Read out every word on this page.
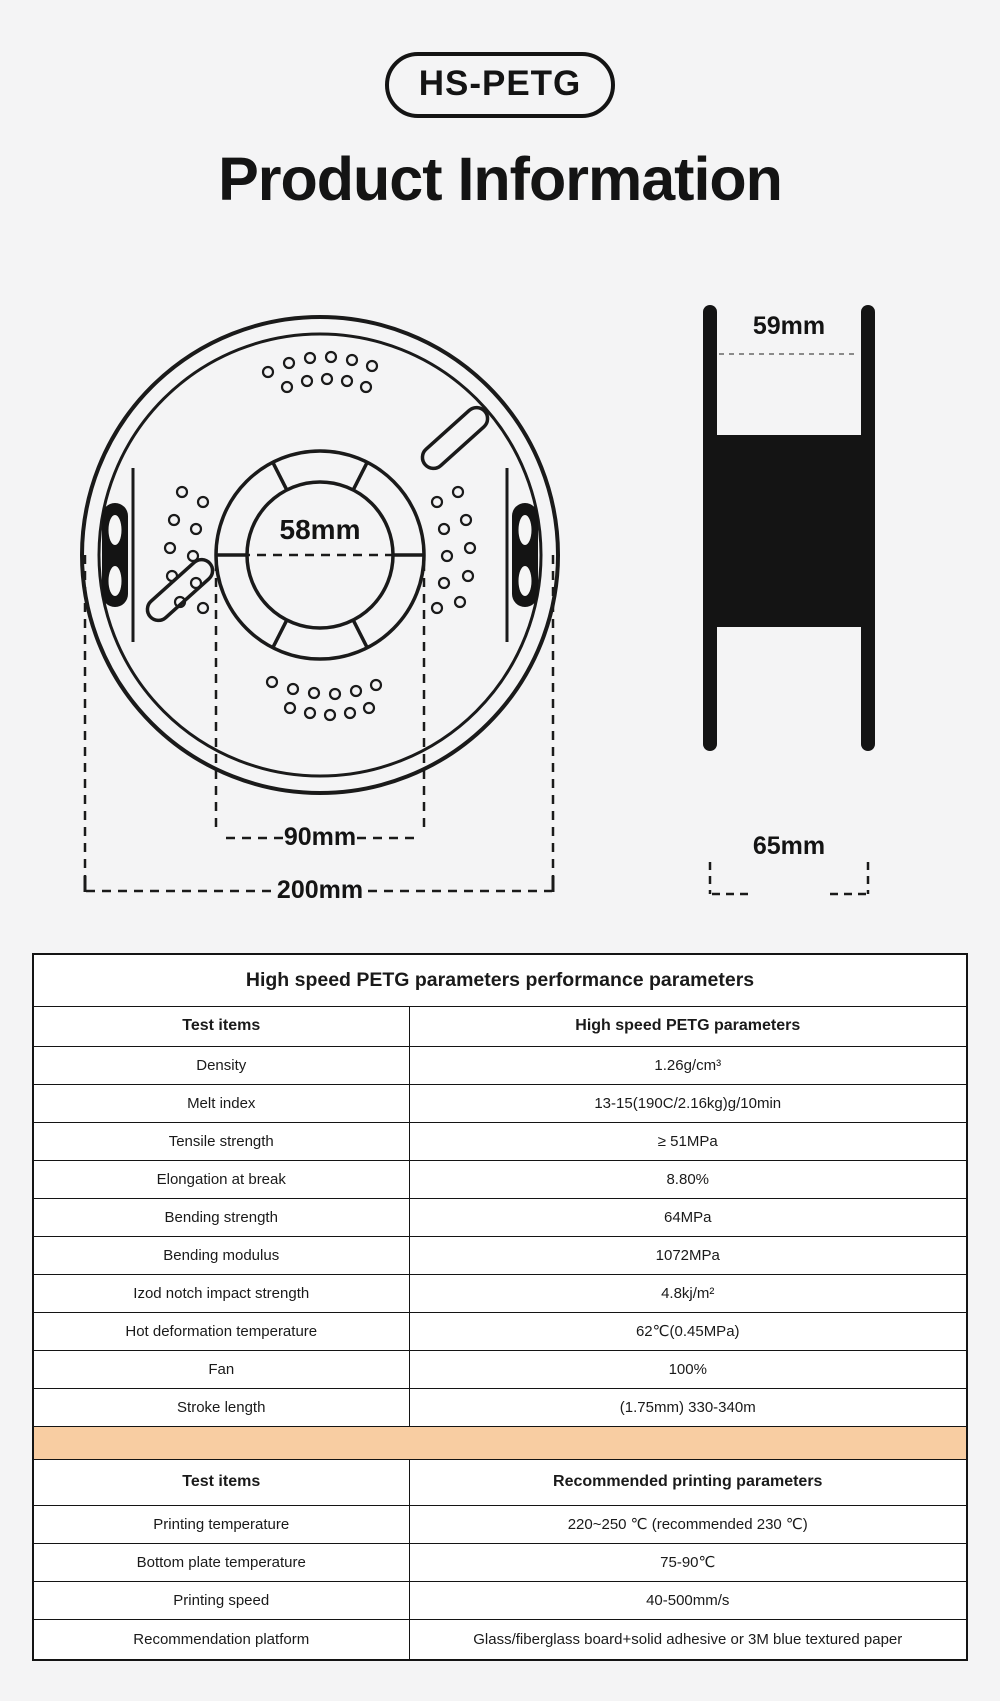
HS-PETG
Product Information
58mm
90mm
200mm
59mm
65mm
High speed PETG parameters performance parameters	
Test items	High speed PETG parameters
Density	1.26g/cm³
Melt index	13-15(190C/2.16kg)g/10min
Tensile strength	≥ 51MPa
Elongation at break	8.80%
Bending strength	64MPa
Bending modulus	1072MPa
Izod notch impact strength	4.8kj/m²
Hot deformation temperature	62℃(0.45MPa)
Fan	100%
Stroke length	(1.75mm) 330-340m

Test items	Recommended printing parameters
Printing temperature	220~250 ℃ (recommended 230 ℃)
Bottom plate temperature	75-90℃
Printing speed	40-500mm/s
Recommendation platform	Glass/fiberglass board+solid adhesive or 3M blue textured paper
